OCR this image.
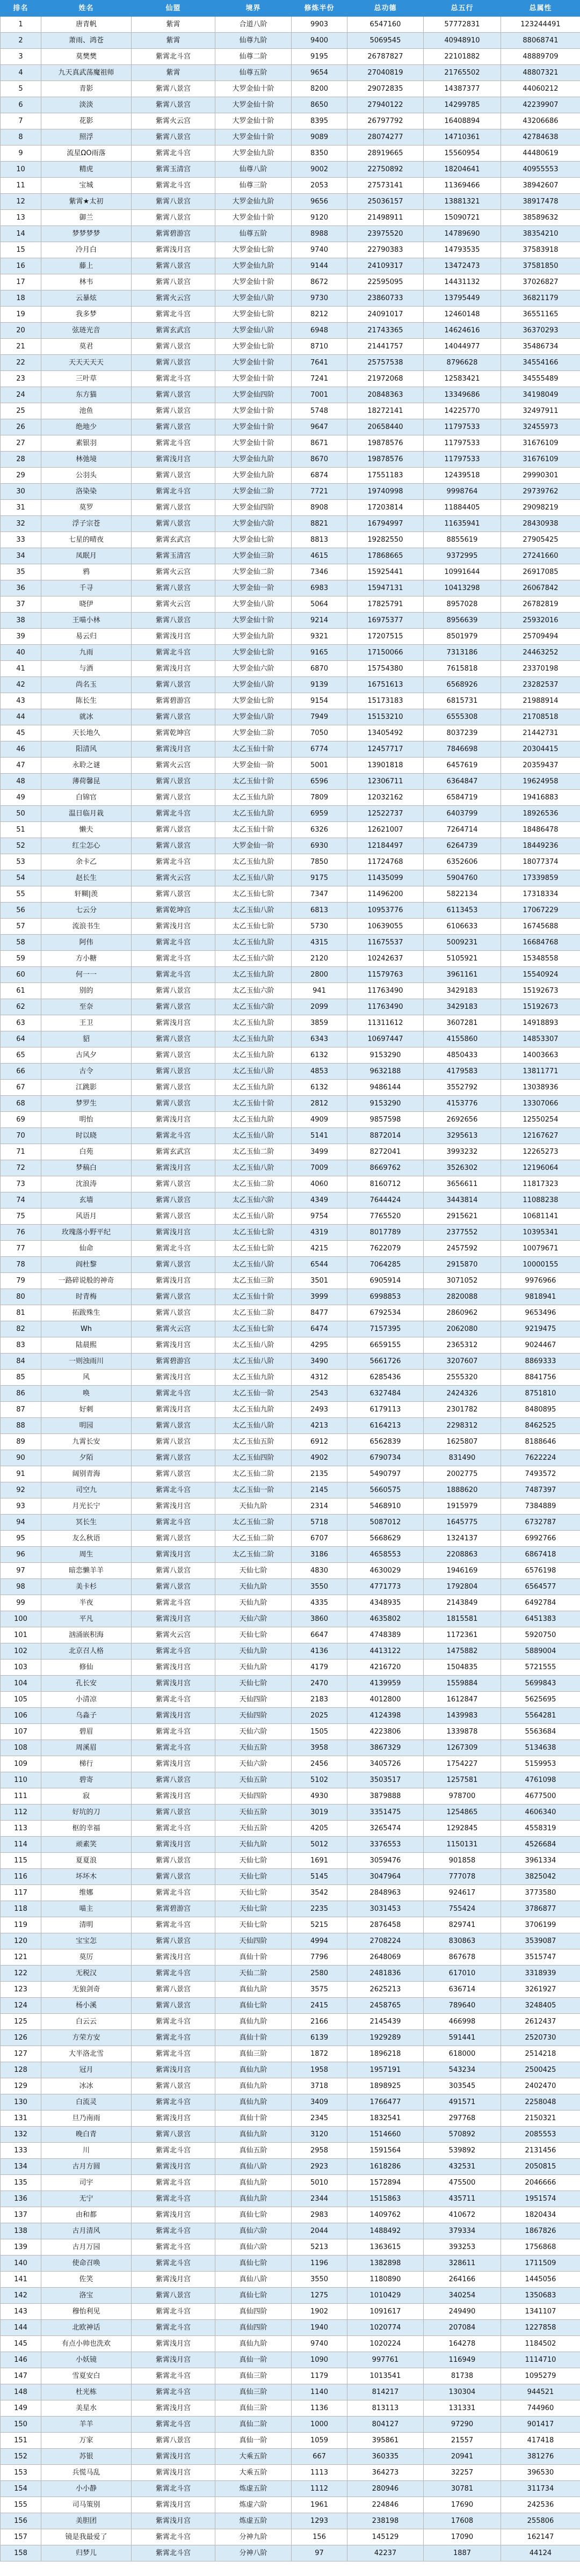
排名	姓名	仙盟	境界	修炼半份	总功德	总五行	总属性
1	唐青帆	紫霄	合道八阶	9903	6547160	57772831	123244491
2	萧雨、鸿苍	紫霄	仙尊九阶	9400	5069545	40948910	88068741
3	莫樊樊	紫霄北斗宫	仙尊二阶	9195	26787827	22101882	48889709
4	九天真武荡魔祖师	紫霄	仙尊五阶	9654	27040819	21765502	48807321
5	青影	紫霄八景宫	大罗金仙十阶	8200	29072835	14387377	44060212
6	淡淡	紫霄八景宫	大罗金仙十阶	8650	27940122	14299785	42239907
7	花影	紫霄火云宫	大罗金仙十阶	8395	26797792	16408894	43206686
8	照浮	紫霄八景宫	大罗金仙十阶	9089	28074277	14710361	42784638
9	流星ΩO雨落	紫霄北斗宫	大罗金仙九阶	8350	28919665	15560954	44480619
10	精虎	紫霄玉清宫	仙尊八阶	9002	22750892	18204641	40955553
11	宝城	紫霄北斗宫	仙尊三阶	2053	27573141	11369466	38942607
12	紫霄★太初	紫霄八景宫	大罗金仙九阶	9656	25036157	13881321	38917478
13	御兰	紫霄八景宫	大罗金仙十阶	9120	21498911	15090721	38589632
14	梦梦梦梦	紫霄碧游宫	仙尊五阶	8988	23975520	14789690	38354210
15	冷月白	紫霄浅月宫	大罗金仙七阶	9740	22790383	14793535	37583918
16	藤上	紫霄八景宫	大罗金仙九阶	9144	24109317	13472473	37581850
17	林韦	紫霄八景宫	大罗金仙十阶	8672	22595095	14431132	37026827
18	云暴炫	紫霄火云宫	大罗金仙八阶	9730	23860733	13795449	36821179
19	我多梦	紫霄北斗宫	大罗金仙七阶	8212	24091017	12460148	36551165
20	弦琏光音	紫霄玄武宫	大罗金仙八阶	6948	21743365	14624616	36370293
21	莫君	紫霄八景宫	大罗金仙七阶	8710	21441757	14044977	35486734
22	天天天天天	紫霄八景宫	大罗金仙十阶	7641	25757538	8796628	34554166
23	三叶草	紫霄北斗宫	大罗金仙十阶	7241	21972068	12583421	34555489
24	东方猫	紫霄八景宫	大罗金仙四阶	7001	20848363	13349686	34198049
25	池鱼	紫霄八景宫	大罗金仙十阶	5748	18272141	14225770	32497911
26	绝地少	紫霄八景宫	大罗金仙十阶	9647	20658440	11797533	32455973
27	素银羽	紫霄北斗宫	大罗金仙十阶	8671	19878576	11797533	31676109
28	林弛境	紫霄浅月宫	大罗金仙九阶	8670	19878576	11797533	31676109
29	公羽头	紫霄八景宫	大罗金仙九阶	6874	17551183	12439518	29990301
30	洛染染	紫霄北斗宫	大罗金仙二阶	7721	19740998	9998764	29739762
31	莫罗	紫霄八景宫	大罗金仙四阶	8908	17203814	11884405	29098219
32	浮子宗苍	紫霄八景宫	大罗金仙六阶	8821	16794997	11635941	28430938
33	七星的晴夜	紫霄玄武宫	大罗金仙七阶	8813	19282550	8855619	27905425
34	凤眠月	紫霄玉清宫	大罗金仙三阶	4615	17868665	9372995	27241660
35	鸦	紫霄火云宫	大罗金仙二阶	7346	15925441	10991644	26917085
36	千寻	紫霄八景宫	大罗金仙一阶	6983	15947131	10413298	26067842
37	晓伊	紫霄火云宫	大罗金仙八阶	5064	17825791	8957028	26782819
38	王喵小林	紫霄八景宫	大罗金仙十阶	9214	16975377	8956639	25932016
39	易云归	紫霄浅月宫	大罗金仙九阶	9321	17207515	8501979	25709494
40	九雨	紫霄北斗宫	大罗金仙七阶	9165	17150066	7313186	24463252
41	与酒	紫霄浅月宫	大罗金仙六阶	6870	15754380	7615818	23370198
42	尚名玉	紫霄八景宫	大罗金仙八阶	9139	16751613	6568926	23282537
43	陈长生	紫霄碧游宫	大罗金仙七阶	9154	15173183	6815731	21988914
44	就冰	紫霄八景宫	大罗金仙八阶	7949	15153210	6555308	21708518
45	天长地久	紫霄乾坤宫	大罗金仙二阶	7050	13405492	8037239	21442731
46	阳清风	紫霄浅月宫	太乙玉仙十阶	6774	12457717	7846698	20304415
47	永聆之谜	紫霄火云宫	大罗金仙一阶	5001	13901818	6457619	20359437
48	薄荷馨昆	紫霄八景宫	太乙玉仙十阶	6596	12306711	6364847	19624958
49	白锦官	紫霄八景宫	太乙玉仙九阶	7809	12032162	6584719	19416883
50	温日临月栽	紫霄北斗宫	太乙玉仙九阶	6959	12522737	6403799	18926536
51	懒夫	紫霄八景宫	太乙玉仙十阶	6326	12621007	7264714	18486478
52	红尘怎心	紫霄八景宫	大罗金仙一阶	6930	12184497	6264739	18449236
53	余卡乙	紫霄北斗宫	太乙玉仙九阶	7850	11724768	6352606	18077374
54	赵长生	紫霄火云宫	太乙玉仙八阶	9175	11435099	5904760	17339859
55	轩糊|羡	紫霄八景宫	太乙玉仙七阶	7347	11496200	5822134	17318334
56	七云分	紫霄乾坤宫	太乙玉仙八阶	6813	10953776	6113453	17067229
57	流浪书生	紫霄浅月宫	太乙玉仙七阶	5730	10639055	6106633	16745688
58	阿伟	紫霄北斗宫	太乙玉仙九阶	4315	11675537	5009231	16684768
59	方小糖	紫霄北斗宫	太乙玉仙六阶	2120	10242637	5105921	15348558
60	何一一	紫霄北斗宫	太乙玉仙九阶	2800	11579763	3961161	15540924
61	别的	紫霄八景宫	太乙玉仙六阶	941	11763490	3429183	15192673
62	至奈	紫霄八景宫	太乙玉仙六阶	2099	11763490	3429183	15192673
63	王卫	紫霄浅月宫	太乙玉仙九阶	3859	11311612	3607281	14918893
64	貂	紫霄八景宫	太乙玉仙九阶	6343	10697447	4155860	14853307
65	古风夕	紫霄八景宫	太乙玉仙九阶	6132	9153290	4850433	14003663
66	古令	紫霄八景宫	太乙玉仙八阶	4853	9632188	4179583	13811771
67	江跳影	紫霄八景宫	太乙玉仙九阶	6132	9486144	3552792	13038936
68	梦罗生	紫霄八景宫	太乙玉仙十阶	2812	9153290	4153776	13307066
69	明怡	紫霄浅月宫	太乙玉仙九阶	4909	9857598	2692656	12550254
70	时以晓	紫霄北斗宫	太乙玉仙八阶	5141	8872014	3295613	12167627
71	白苑	紫霄玄武宫	太乙玉仙二阶	3499	8272041	3993232	12265273
72	梦稿白	紫霄浅月宫	太乙玉仙八阶	7009	8669762	3526302	12196064
73	沈浪涛	紫霄八景宫	太乙玉仙二阶	4060	8160712	3656611	11817323
74	玄墙	紫霄八景宫	太乙玉仙六阶	4349	7644424	3443814	11088238
75	风语月	紫霄八景宫	太乙玉仙八阶	9754	7765520	2915621	10681141
76	玫瑰落小野平纪	紫霄浅月宫	太乙玉仙七阶	4319	8017789	2377552	10395341
77	仙命	紫霄北斗宫	太乙玉仙七阶	4215	7622079	2457592	10079671
78	阎杜黎	紫霄八景宫	太乙玉仙八阶	6544	7064285	2915870	10000155
79	一路碎说般的神奇	紫霄浅月宫	太乙玉仙三阶	3501	6905914	3071052	9976966
80	时青梅	紫霄八景宫	太乙玉仙十阶	3999	6998853	2820088	9818941
81	拓跋殊生	紫霄八景宫	太乙玉仙二阶	8477	6792534	2860962	9653496
82	Wh	紫霄火云宫	太乙玉仙七阶	6474	7157395	2062080	9219475
83	陆晨熙	紫霄浅月宫	太乙玉仙八阶	4295	6659155	2365312	9024467
84	一则浊雨川	紫霄碧游宫	太乙玉仙八阶	3490	5661726	3207607	8869333
85	风	紫霄浅月宫	太乙玉仙九阶	4312	6285436	2555320	8841756
86	唤	紫霄北斗宫	太乙玉仙一阶	2543	6327484	2424326	8751810
87	好刺	紫霄浅月宫	太乙玉仙九阶	2493	6179113	2301782	8480895
88	明园	紫霄八景宫	太乙玉仙八阶	4213	6164213	2298312	8462525
89	九霄长安	紫霄八景宫	太乙玉仙五阶	6912	6562839	1625807	8188646
90	夕陌	紫霄八景宫	太乙玉仙四阶	4902	6790734	831490	7622224
91	阔别青海	紫霄八景宫	太乙玉仙二阶	2135	5490797	2002775	7493572
92	司空九	紫霄北斗宫	太乙玉仙一阶	2145	5660575	1888620	7487397
93	月光长宁	紫霄浅月宫	天仙九阶	2314	5468910	1915979	7384889
94	冥长生	紫霄北斗宫	太乙玉仙二阶	5718	5087012	1645775	6732787
95	友么秋语	紫霄八景宫	大乙玉仙二阶	6707	5668629	1324137	6992766
96	周生	紫霄浅月宫	太乙玉仙二阶	3186	4658553	2208863	6867418
97	暗恋懒羊羊	紫霄八景宫	天仙七阶	4830	4630029	1946169	6576198
98	美卡杉	紫霄八景宫	天仙九阶	3550	4771773	1792804	6564577
99	半夜	紫霄北斗宫	天仙九阶	4335	4348935	2143849	6492784
100	平凡	紫霄浅月宫	天仙六阶	3860	4635802	1815581	6451383
101	汹涌嵌积海	紫霄火云宫	天仙七阶	6647	4748389	1172361	5920750
102	北京召人格	紫霄北斗宫	天仙九阶	4136	4413122	1475882	5889004
103	修仙	紫霄浅月宫	天仙九阶	4179	4216720	1504835	5721555
104	孔长安	紫霄浅月宫	天仙七阶	2470	4139959	1559884	5699843
105	小清凉	紫霄北斗宫	天仙四阶	2183	4012800	1612847	5625695
106	乌淼子	紫霄浅月宫	天仙四阶	2025	4124398	1439983	5564281
107	碧眉	紫霄北斗宫	天仙六阶	1505	4223806	1339878	5563684
108	周溪眉	紫霄北斗宫	天仙五阶	3958	3867329	1267309	5134638
109	梯行	紫霄浅月宫	天仙六阶	2456	3405726	1754227	5159953
110	碧寄	紫霄八景宫	天仙五阶	5102	3503517	1257581	4761098
111	寂	紫霄浅月宫	天仙四阶	4930	3879888	978700	4677500
112	好坑的刀	紫霄八景宫	天仙五阶	3019	3351475	1254865	4606340
113	枢的幸福	紫霄北斗宫	天仙五阶	4205	3265474	1292845	4558319
114	顽素笑	紫霄浅月宫	天仙九阶	5012	3376553	1150131	4526684
115	夏夏浪	紫霄八景宫	天仙七阶	1691	3059476	901858	3961334
116	坏坏木	紫霄八景宫	天仙七阶	5145	3047964	777078	3825042
117	维娜	紫霄北斗宫	天仙七阶	3542	2848963	924617	3773580
118	喵主	紫霄碧游宫	天仙七阶	2235	3031453	755424	3786877
119	清明	紫霄北斗宫	天仙七阶	5215	2876458	829741	3706199
120	宝宝怎	紫霄八景宫	天仙四阶	4994	2708224	830863	3539087
121	莫厉	紫霄浅月宫	真仙十阶	7796	2648069	867678	3515747
122	无税汉	紫霄北斗宫	天仙二阶	2580	2481836	617010	3318939
123	无狼剑奇	紫霄八景宫	真仙九阶	3575	2625213	636714	3261927
124	杨小溪	紫霄八景宫	真仙七阶	2415	2458765	789640	3248405
125	白云云	紫霄北斗宫	真仙九阶	2166	2145439	466998	2612437
126	方荣方安	紫霄北斗宫	真仙十阶	6139	1929289	591441	2520730
127	大半洛北雪	紫霄北斗宫	真仙三阶	1872	1896218	618000	2514218
128	冠月	紫霄浅月宫	真仙九阶	1958	1957191	543234	2500425
129	冰冰	紫霄八景宫	真仙九阶	3718	1898925	303545	2402470
130	白流灵	紫霄北斗宫	真仙九阶	3409	1766477	491571	2258048
131	旦乃南雨	紫霄浅月宫	真仙十阶	2345	1832541	297768	2150321
132	晚白青	紫霄八景宫	真仙九阶	3120	1514660	570892	2085553
133	川	紫霄北斗宫	真仙五阶	2958	1591564	539892	2131456
134	古月方圆	紫霄浅月宫	真仙八阶	2923	1618286	432531	2050815
135	司宇	紫霄北斗宫	真仙九阶	5010	1572894	475500	2046666
136	无宁	紫霄北斗宫	真仙九阶	2344	1515863	435711	1951574
137	由和都	紫霄浅月宫	真仙七阶	2983	1409762	410672	1820434
138	古月清风	紫霄北斗宫	真仙六阶	2044	1488492	379334	1867826
139	古月万园	紫霄北斗宫	真仙六阶	5213	1363615	393253	1756868
140	使命召唤	紫霄北斗宫	真仙七阶	1196	1382898	328611	1711509
141	佐笑	紫霄浅月宫	真仙八阶	3550	1180890	264166	1445056
142	洛宝	紫霄八景宫	真仙七阶	1275	1010429	340254	1350683
143	穆怡利见	紫霄北斗宫	真仙四阶	1902	1091617	249490	1341107
144	北欧神话	紫霄北斗宫	真仙四阶	1940	1020774	207084	1227858
145	有点小帅也洗欢	紫霄浅月宫	真仙九阶	9740	1020224	164278	1184502
146	小妖镜	紫霄浅月宫	真仙一阶	1090	997761	116949	1114710
147	雪夏安白	紫霄北斗宫	真仙三阶	1179	1013541	81738	1095279
148	杜光栋	紫霄北斗宫	真仙三阶	1140	814217	130304	944521
149	美星水	紫霄浅月宫	真仙三阶	1136	813113	131331	744960
150	羊羊	紫霄北斗宫	真仙二阶	1000	804127	97290	901417
151	万家	紫霄八景宫	真仙一阶	1059	395861	21557	417418
152	苏银	紫霄浅月宫	大乘五阶	667	360335	20941	381276
153	兵慌马乱	紫霄浅月宫	大乘五阶	1113	364273	32257	396530
154	小小静	紫霄北斗宫	炼虚五阶	1112	280946	30781	311734
155	司马策别	紫霄浅月宫	炼虚六阶	1961	224846	17690	242536
156	美胆团	紫霄浅月宫	炼虚五阶	1293	238198	17608	255806
157	镜是我最爱了	紫霄北斗宫	分神九阶	156	145129	17090	162147
158	归梦儿	紫霄北斗宫	分神八阶	97	42237	1887	44124
